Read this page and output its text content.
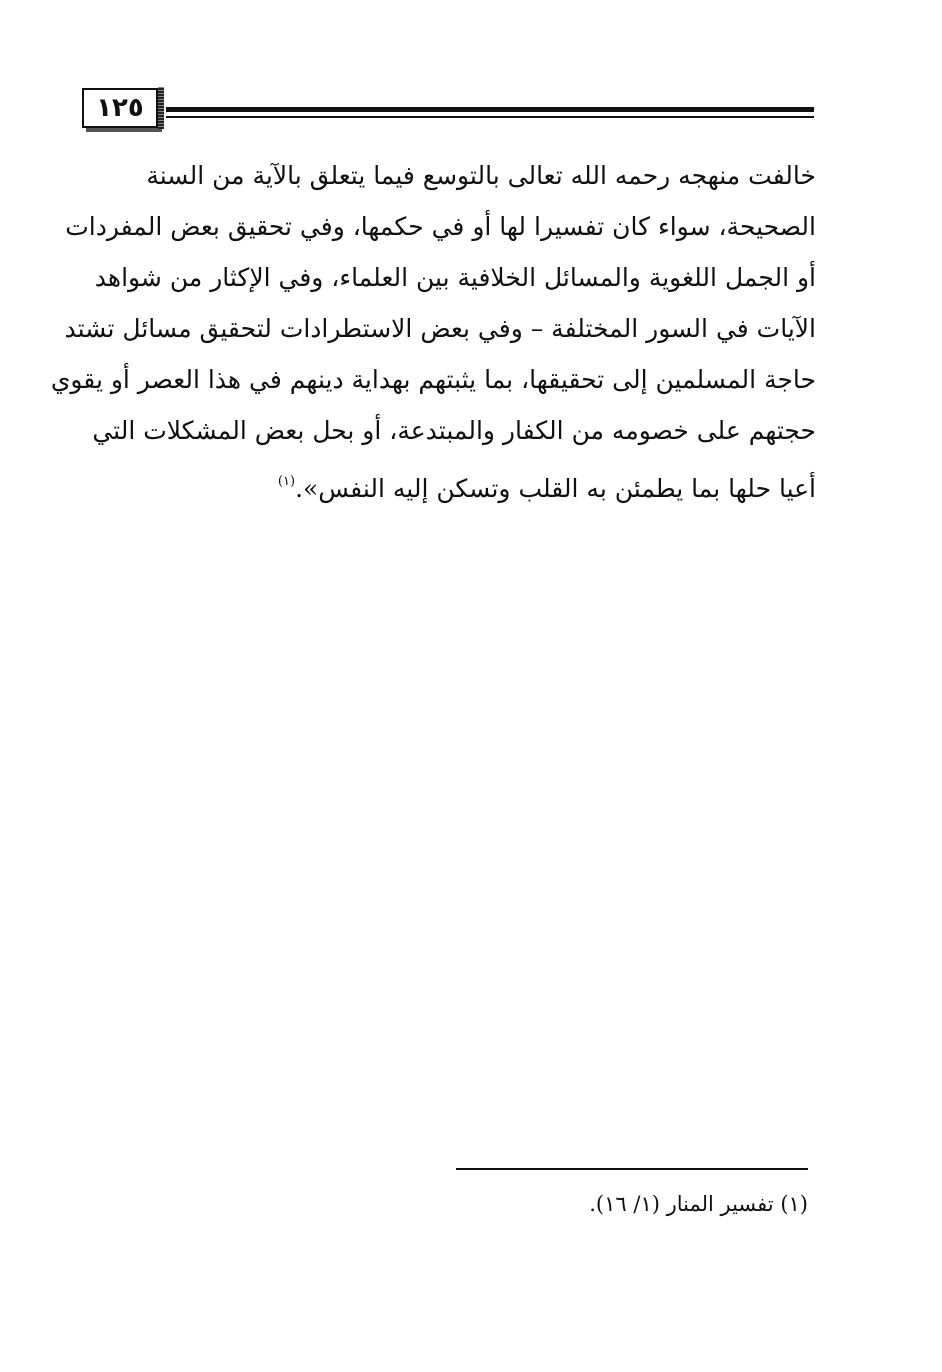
١٢٥
خالفت منهجه رحمه الله تعالى بالتوسع فيما يتعلق بالآية من السنة
الصحيحة، سواء كان تفسيرا لها أو في حكمها، وفي تحقيق بعض المفردات
أو الجمل اللغوية والمسائل الخلافية بين العلماء، وفي الإكثار من شواهد
الآيات في السور المختلفة – وفي بعض الاستطرادات لتحقيق مسائل تشتد
حاجة المسلمين إلى تحقيقها، بما يثبتهم بهداية دينهم في هذا العصر أو يقوي
حجتهم على خصومه من الكفار والمبتدعة، أو بحل بعض المشكلات التي
أعيا حلها بما يطمئن به القلب وتسكن إليه النفس».$^{(١)}$
(١) تفسير المنار (١/ ١٦).
